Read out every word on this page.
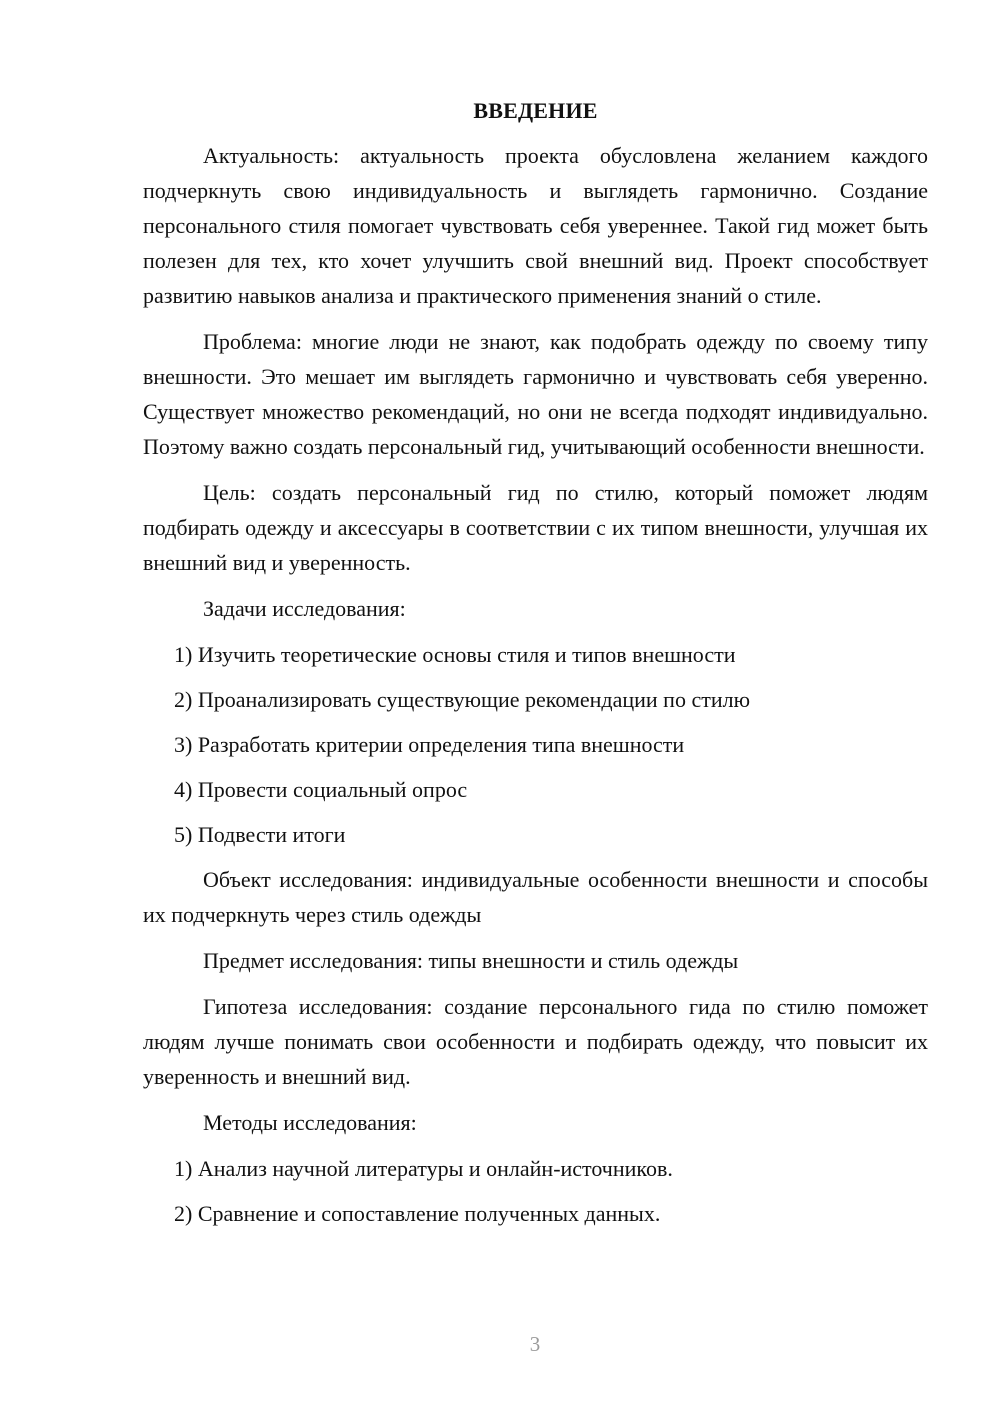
ВВЕДЕНИЕ

Актуальность: актуальность проекта обусловлена желанием каждого подчеркнуть свою индивидуальность и выглядеть гармонично. Создание персонального стиля помогает чувствовать себя увереннее. Такой гид может быть полезен для тех, кто хочет улучшить свой внешний вид. Проект способствует развитию навыков анализа и практического применения знаний о стиле.

Проблема: многие люди не знают, как подобрать одежду по своему типу внешности. Это мешает им выглядеть гармонично и чувствовать себя уверенно. Существует множество рекомендаций, но они не всегда подходят индивидуально. Поэтому важно создать персональный гид, учитывающий особенности внешности.

Цель: создать персональный гид по стилю, который поможет людям подбирать одежду и аксессуары в соответствии с их типом внешности, улучшая их внешний вид и уверенность.

Задачи исследования:

1) Изучить теоретические основы стиля и типов внешности
2) Проанализировать существующие рекомендации по стилю
3) Разработать критерии определения типа внешности
4) Провести социальный опрос
5) Подвести итоги

Объект исследования: индивидуальные особенности внешности и способы их подчеркнуть через стиль одежды

Предмет исследования: типы внешности и стиль одежды

Гипотеза исследования: создание персонального гида по стилю поможет людям лучше понимать свои особенности и подбирать одежду, что повысит их уверенность и внешний вид.

Методы исследования:

1) Анализ научной литературы и онлайн-источников.
2) Сравнение и сопоставление полученных данных.
3
